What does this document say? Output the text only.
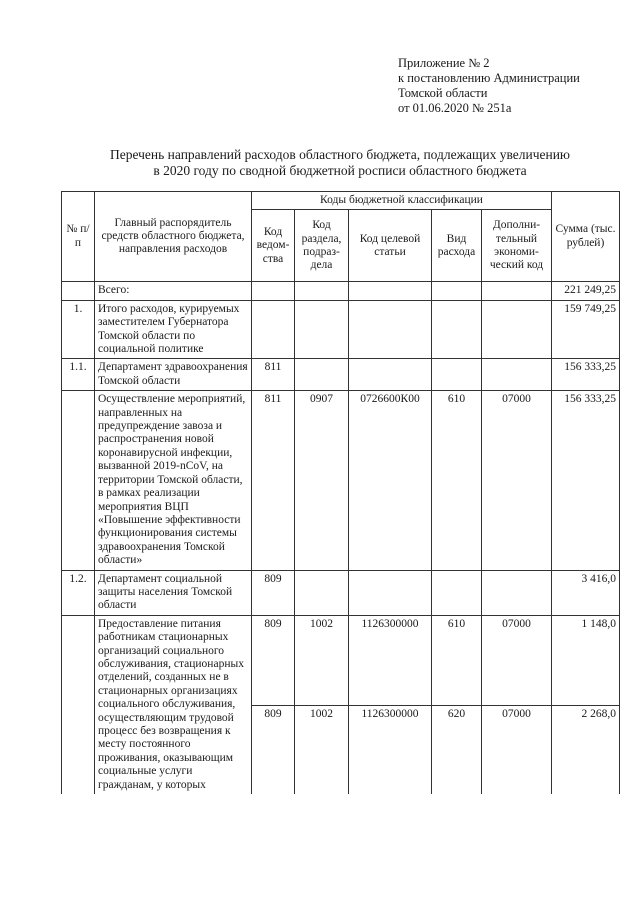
Приложение № 2
к постановлению Администрации
Томской области
от 01.06.2020 № 251а
Перечень направлений расходов областного бюджета, подлежащих увеличению
в 2020 году по сводной бюджетной росписи областного бюджета
№ п/п	Главный распорядитель средств областного бюджета, направления расходов	Коды бюджетной классификации					Сумма (тыс. рублей)
		Код ведом-ства	Код раздела, подраз-дела	Код целевой статьи	Вид расхода	Дополни-тельный экономи-ческий код	
	Всего:						221 249,25
1.	Итого расходов, курируемых заместителем Губернатора Томской области по социальной политике						159 749,25
1.1.	Департамент здравоохранения Томской области	811					156 333,25
	Осуществление мероприятий, направленных на предупреждение завоза и распространения новой коронавирусной инфекции, вызванной 2019-nCoV, на территории Томской области, в рамках реализации мероприятия ВЦП «Повышение эффективности функционирования системы здравоохранения Томской области»	811	0907	0726600К00	610	07000	156 333,25
1.2.	Департамент социальной защиты населения Томской области	809					3 416,0
	Предоставление питания работникам стационарных организаций социального обслуживания, стационарных отделений, созданных не в стационарных организациях социального обслуживания, осуществляющим трудовой процесс без возвращения к месту постоянного проживания, оказывающим социальные услуги гражданам, у которых	809	1002	1126300000	610	07000	1 148,0
		809	1002	1126300000	620	07000	2 268,0
